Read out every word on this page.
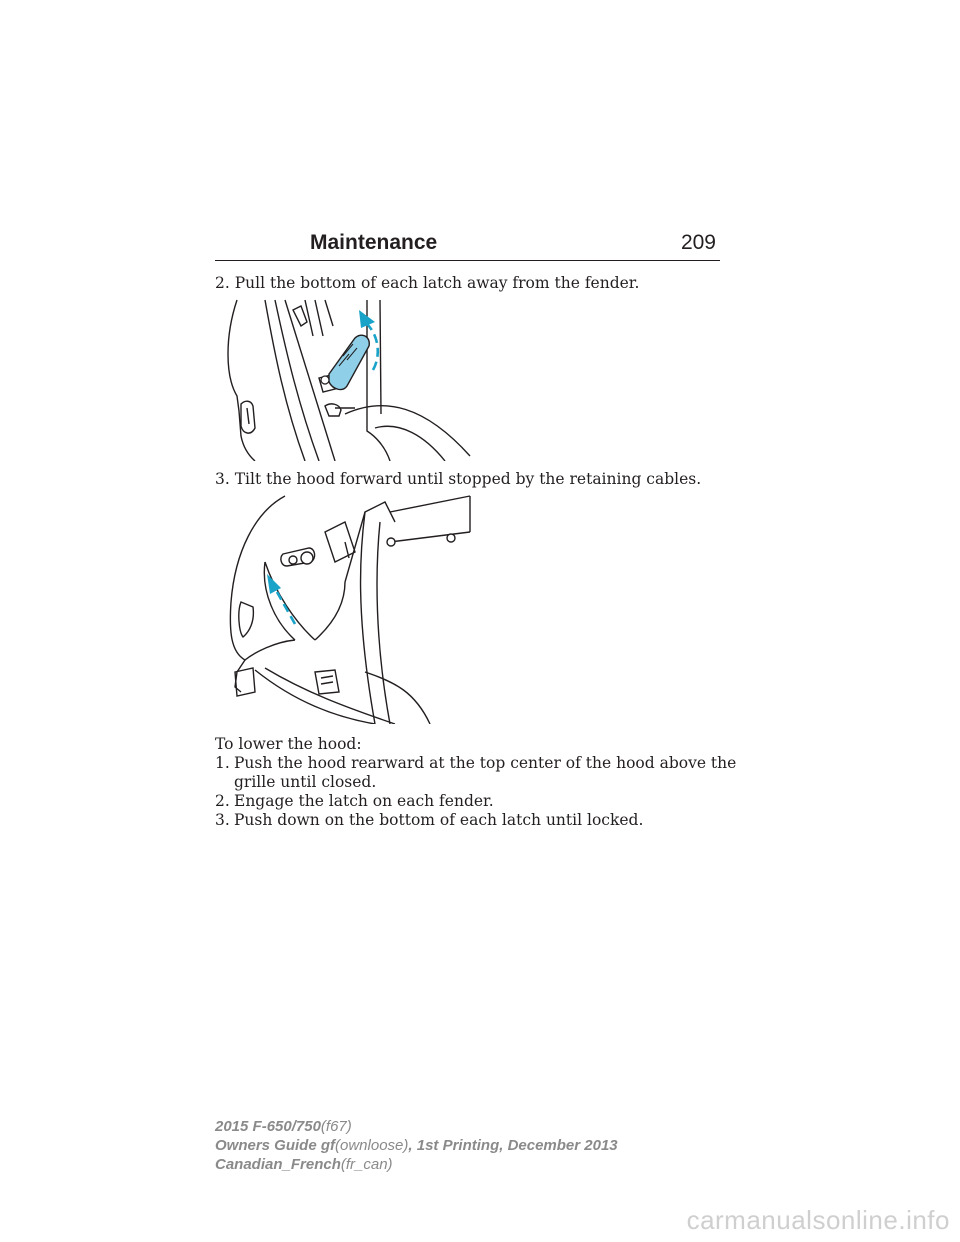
Maintenance	209
2. Pull the bottom of each latch away from the fender.
3. Tilt the hood forward until stopped by the retaining cables.
To lower the hood:
1. Push the hood rearward at the top center of the hood above the
grille until closed.
2. Engage the latch on each fender.
3. Push down on the bottom of each latch until locked.
2015 F-650/750(f67)
Owners Guide gf(ownloose), 1st Printing, December 2013
Canadian_French(fr_can)
carmanualsonline.info
